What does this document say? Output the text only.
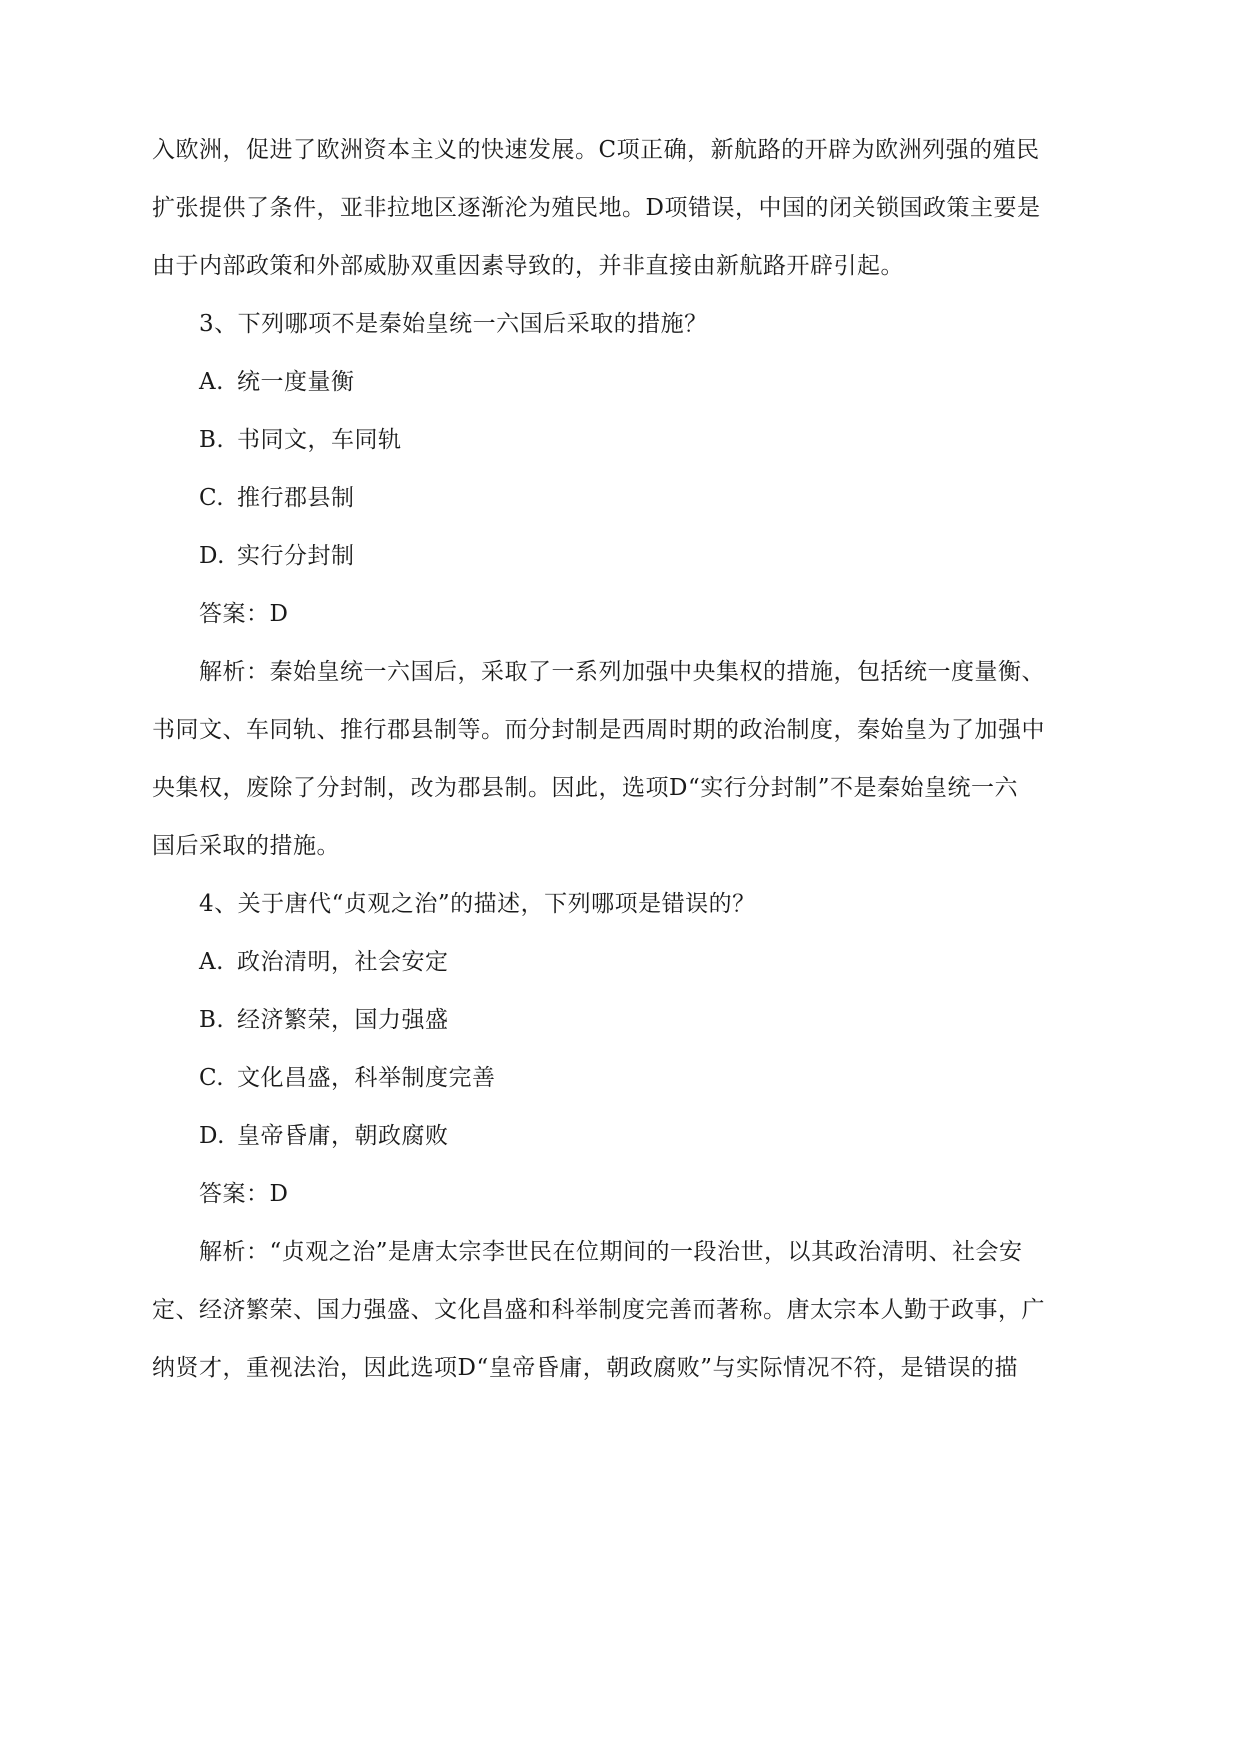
入欧洲，促进了欧洲资本主义的快速发展。C项正确，新航路的开辟为欧洲列强的殖民
扩张提供了条件，亚非拉地区逐渐沦为殖民地。D项错误，中国的闭关锁国政策主要是
由于内部政策和外部威胁双重因素导致的，并非直接由新航路开辟引起。
3、下列哪项不是秦始皇统一六国后采取的措施？
A. 统一度量衡
B. 书同文，车同轨
C. 推行郡县制
D. 实行分封制
答案：D
解析：秦始皇统一六国后，采取了一系列加强中央集权的措施，包括统一度量衡、
书同文、车同轨、推行郡县制等。而分封制是西周时期的政治制度，秦始皇为了加强中
央集权，废除了分封制，改为郡县制。因此，选项D“实行分封制”不是秦始皇统一六
国后采取的措施。
4、关于唐代“贞观之治”的描述，下列哪项是错误的？
A. 政治清明，社会安定
B. 经济繁荣，国力强盛
C. 文化昌盛，科举制度完善
D. 皇帝昏庸，朝政腐败
答案：D
解析：“贞观之治”是唐太宗李世民在位期间的一段治世，以其政治清明、社会安
定、经济繁荣、国力强盛、文化昌盛和科举制度完善而著称。唐太宗本人勤于政事，广
纳贤才，重视法治，因此选项D“皇帝昏庸，朝政腐败”与实际情况不符，是错误的描
